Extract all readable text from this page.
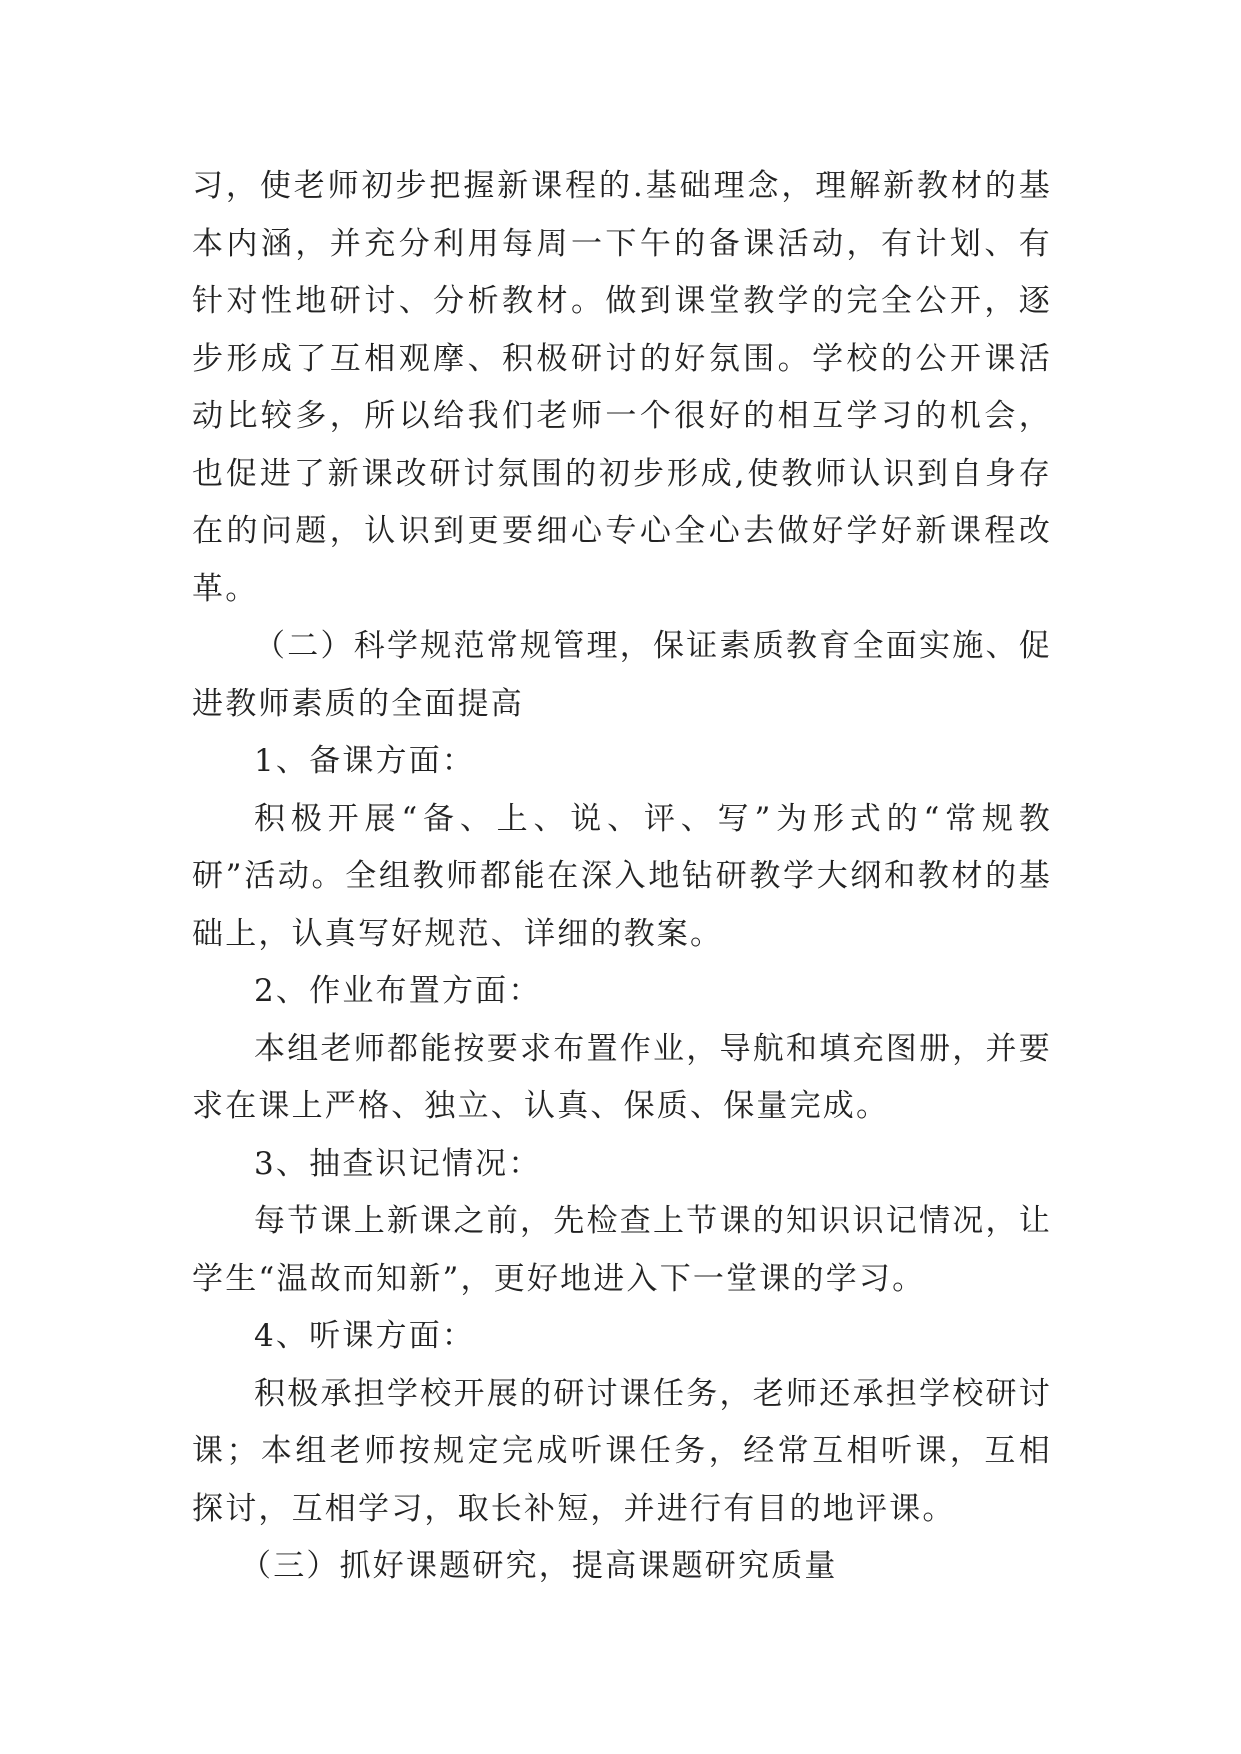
习，使老师初步把握新课程的.基础理念，理解新教材的基本内涵，并充分利用每周一下午的备课活动，有计划、有针对性地研讨、分析教材。做到课堂教学的完全公开，逐步形成了互相观摩、积极研讨的好氛围。学校的公开课活动比较多，所以给我们老师一个很好的相互学习的机会，也促进了新课改研讨氛围的初步形成,使教师认识到自身存在的问题，认识到更要细心专心全心去做好学好新课程改革。

（二）科学规范常规管理，保证素质教育全面实施、促进教师素质的全面提高

1、备课方面：

积极开展“备、上、说、评、写”为形式的“常规教研”活动。全组教师都能在深入地钻研教学大纲和教材的基础上，认真写好规范、详细的教案。

2、作业布置方面：

本组老师都能按要求布置作业，导航和填充图册，并要求在课上严格、独立、认真、保质、保量完成。

3、抽查识记情况：

每节课上新课之前，先检查上节课的知识识记情况，让学生“温故而知新”，更好地进入下一堂课的学习。

4、听课方面：

积极承担学校开展的研讨课任务，老师还承担学校研讨课；本组老师按规定完成听课任务，经常互相听课，互相探讨，互相学习，取长补短，并进行有目的地评课。

（三）抓好课题研究，提高课题研究质量
